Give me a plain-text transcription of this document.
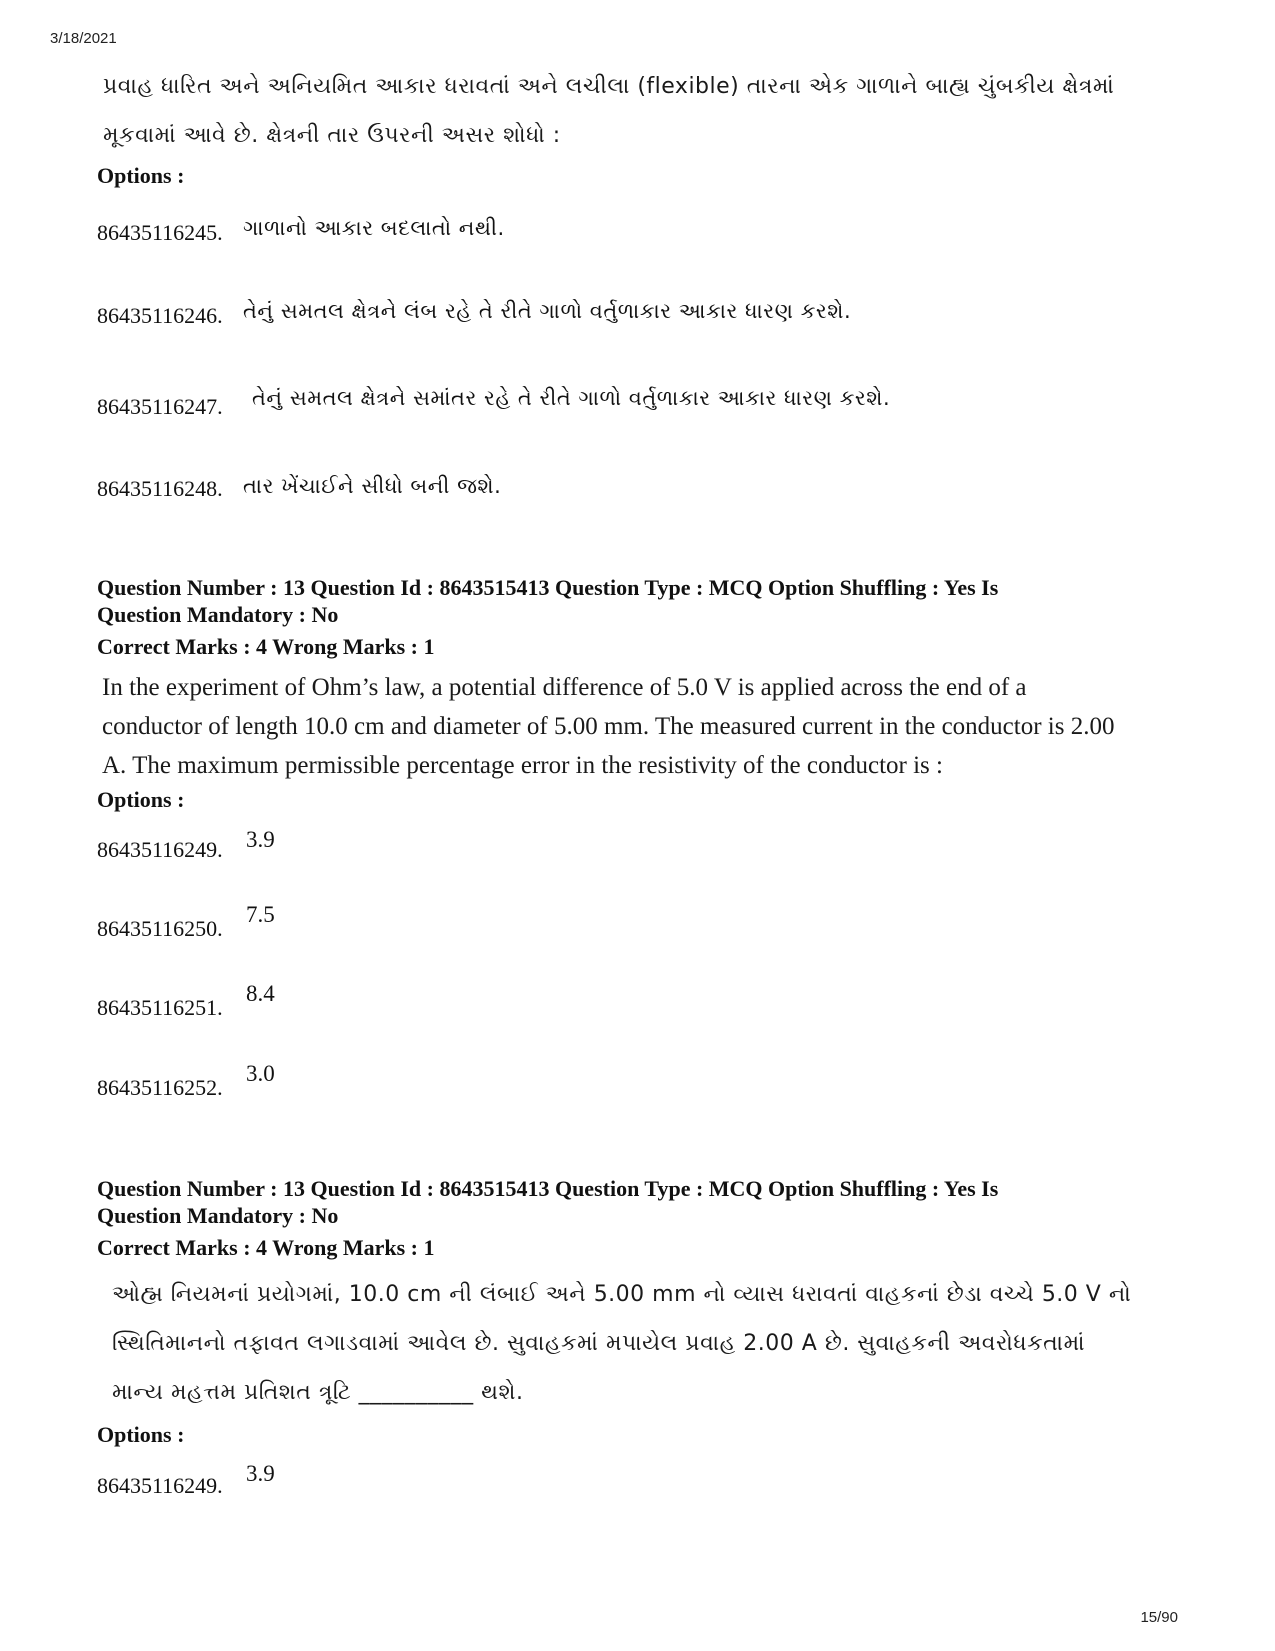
3/18/2021
15/90
પ્રવાહ ધારિત અને અનિયમિત આકાર ધરાવતાં અને લચીલા (flexible) તારના એક ગાળાને બાહ્ય ચુંબકીય ક્ષેત્રમાં મૂકવામાં આવે છે. ક્ષેત્રની તાર ઉપરની અસર શોધો :
Options :
86435116245. ગાળાનો આકાર બદલાતો નથી.
86435116246. તેનું સમતલ ક્ષેત્રને લંબ રહે તે રીતે ગાળો વર્તુળાકાર આકાર ધારણ કરશે.
86435116247. તેનું સમતલ ક્ષેત્રને સમાંતર રહે તે રીતે ગાળો વર્તુળાકાર આકાર ધારણ કરશે.
86435116248. તાર ખેંચાઈને સીધો બની જશે.
Question Number : 13 Question Id : 8643515413 Question Type : MCQ Option Shuffling : Yes Is
Question Mandatory : No
Correct Marks : 4 Wrong Marks : 1
In the experiment of Ohm’s law, a potential difference of 5.0 V is applied across the end of a conductor of length 10.0 cm and diameter of 5.00 mm. The measured current in the conductor is 2.00 A. The maximum permissible percentage error in the resistivity of the conductor is :
Options :
86435116249. 3.9
86435116250.
7.5
86435116251.
8.4
86435116252.
3.0
Question Number : 13 Question Id : 8643515413 Question Type : MCQ Option Shuffling : Yes Is
Question Mandatory : No
Correct Marks : 4 Wrong Marks : 1
ઓહ્મ નિયમનાં પ્રયોગમાં, 10.0 cm ની લંબાઈ અને 5.00 mm નો વ્યાસ ધરાવતાં વાહકનાં છેડા વચ્ચે 5.0 V નો સ્થિતિમાનનો તફાવત લગાડવામાં આવેલ છે. સુવાહકમાં મપાયેલ પ્રવાહ 2.00 A છે. સુવાહકની અવરોધકતામાં માન્ય મહત્તમ પ્રતિશત ત્રૂટિ __________ થશે.
Options :
86435116249. 3.9
